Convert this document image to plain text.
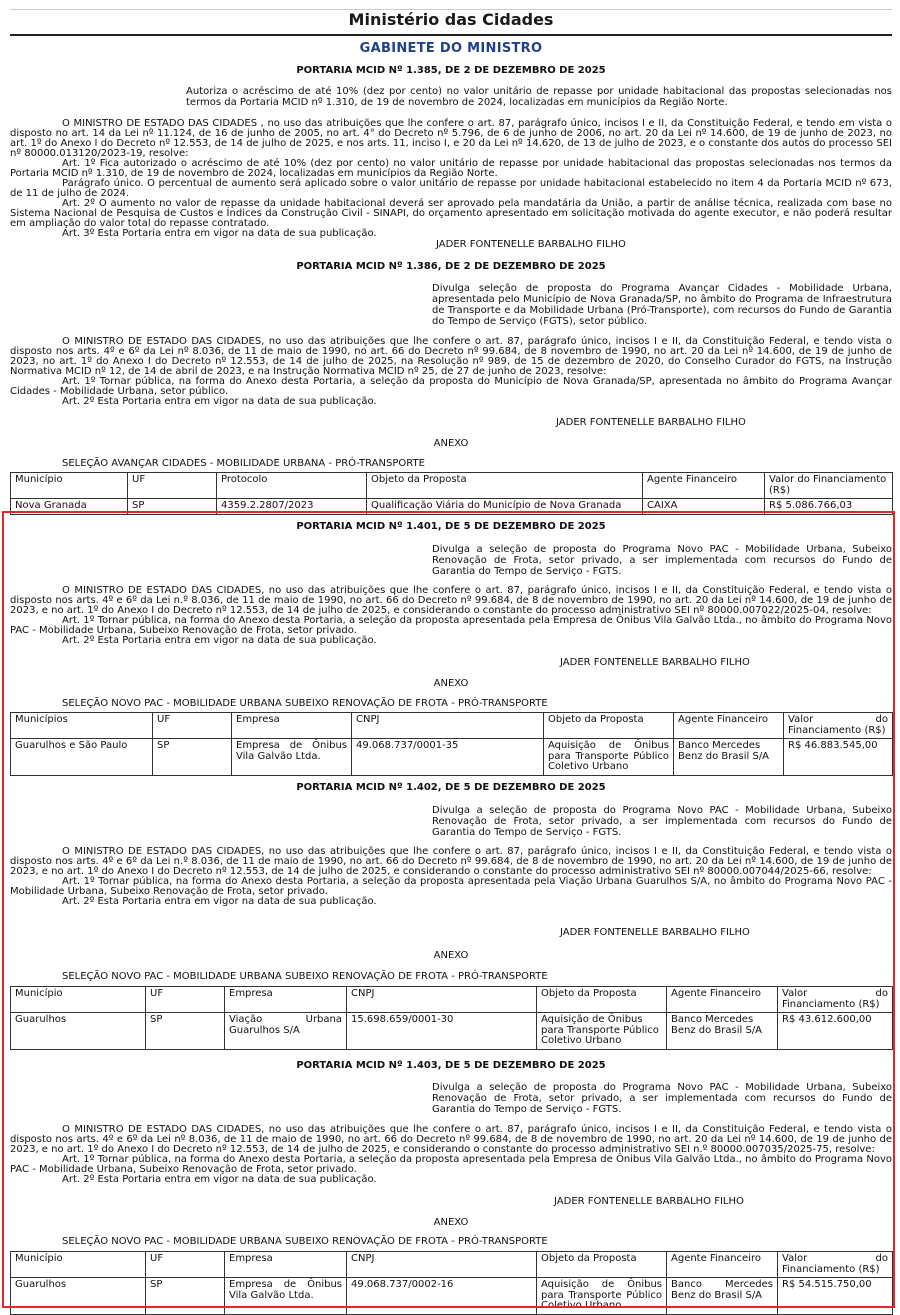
Ministério das Cidades
GABINETE DO MINISTRO
PORTARIA MCID Nº 1.385, DE 2 DE DEZEMBRO DE 2025
Autoriza o acréscimo de até 10% (dez por cento) no valor unitário de repasse por unidade habitacional das propostas selecionadas nos termos da Portaria MCID nº 1.310, de 19 de novembro de 2024, localizadas em municípios da Região Norte.

O MINISTRO DE ESTADO DAS CIDADES , no uso das atribuições que lhe confere o art. 87, parágrafo único, incisos I e II, da Constituição Federal, e tendo em vista o disposto no art. 14 da Lei nº 11.124, de 16 de junho de 2005, no art. 4° do Decreto nº 5.796, de 6 de junho de 2006, no art. 20 da Lei nº 14.600, de 19 de junho de 2023, no art. 1º do Anexo I do Decreto nº 12.553, de 14 de julho de 2025, e nos arts. 11, inciso I, e 20 da Lei nº 14.620, de 13 de julho de 2023, e o constante dos autos do processo SEI nº 80000.013120/2023-19, resolve:

Art. 1º Fica autorizado o acréscimo de até 10% (dez por cento) no valor unitário de repasse por unidade habitacional das propostas selecionadas nos termos da Portaria MCID nº 1.310, de 19 de novembro de 2024, localizadas em municípios da Região Norte.

Parágrafo único. O percentual de aumento será aplicado sobre o valor unitário de repasse por unidade habitacional estabelecido no item 4 da Portaria MCID nº 673, de 11 de julho de 2024.

Art. 2º O aumento no valor de repasse da unidade habitacional deverá ser aprovado pela mandatária da União, a partir de análise técnica, realizada com base no Sistema Nacional de Pesquisa de Custos e Índices da Construção Civil - SINAPI, do orçamento apresentado em solicitação motivada do agente executor, e não poderá resultar em ampliação do valor total do repasse contratado.

Art. 3º Esta Portaria entra em vigor na data de sua publicação.

JADER FONTENELLE BARBALHO FILHO
PORTARIA MCID Nº 1.386, DE 2 DE DEZEMBRO DE 2025
Divulga seleção de proposta do Programa Avançar Cidades - Mobilidade Urbana, apresentada pelo Município de Nova Granada/SP, no âmbito do Programa de Infraestrutura de Transporte e da Mobilidade Urbana (Pró-Transporte), com recursos do Fundo de Garantia do Tempo de Serviço (FGTS), setor público.

O MINISTRO DE ESTADO DAS CIDADES, no uso das atribuições que lhe confere o art. 87, parágrafo único, incisos I e II, da Constituição Federal, e tendo vista o disposto nos arts. 4º e 6º da Lei nº 8.036, de 11 de maio de 1990, no art. 66 do Decreto nº 99.684, de 8 novembro de 1990, no art. 20 da Lei nº 14.600, de 19 de junho de 2023, no art. 1º do Anexo I do Decreto nº 12.553, de 14 de julho de 2025, na Resolução nº 989, de 15 de dezembro de 2020, do Conselho Curador do FGTS, na Instrução Normativa MCID nº 12, de 14 de abril de 2023, e na Instrução Normativa MCID nº 25, de 27 de junho de 2023, resolve:

Art. 1º Tornar pública, na forma do Anexo desta Portaria, a seleção da proposta do Município de Nova Granada/SP, apresentada no âmbito do Programa Avançar Cidades - Mobilidade Urbana, setor público.

Art. 2º Esta Portaria entra em vigor na data de sua publicação.

JADER FONTENELLE BARBALHO FILHO
ANEXO
SELEÇÃO AVANÇAR CIDADES - MOBILIDADE URBANA - PRÓ-TRANSPORTE
Município	UF	Protocolo	Objeto da Proposta	Agente Financeiro	Valor do Financiamento (R$)
Nova Granada	SP	4359.2.2807/2023	Qualificação Viária do Município de Nova Granada	CAIXA	R$ 5.086.766,03
PORTARIA MCID Nº 1.401, DE 5 DE DEZEMBRO DE 2025
Divulga a seleção de proposta do Programa Novo PAC - Mobilidade Urbana, Subeixo Renovação de Frota, setor privado, a ser implementada com recursos do Fundo de Garantia do Tempo de Serviço - FGTS.

O MINISTRO DE ESTADO DAS CIDADES, no uso das atribuições que lhe confere o art. 87, parágrafo único, incisos I e II, da Constituição Federal, e tendo vista o disposto nos arts. 4º e 6º da Lei n.º 8.036, de 11 de maio de 1990, no art. 66 do Decreto nº 99.684, de 8 de novembro de 1990, no art. 20 da Lei nº 14.600, de 19 de junho de 2023, e no art. 1º do Anexo I do Decreto nº 12.553, de 14 de julho de 2025, e considerando o constante do processo administrativo SEI nº 80000.007022/2025-04, resolve:

Art. 1º Tornar pública, na forma do Anexo desta Portaria, a seleção da proposta apresentada pela Empresa de Ônibus Vila Galvão Ltda., no âmbito do Programa Novo PAC - Mobilidade Urbana, Subeixo Renovação de Frota, setor privado.

Art. 2º Esta Portaria entra em vigor na data de sua publicação.

JADER FONTENELLE BARBALHO FILHO
ANEXO
SELEÇÃO NOVO PAC - MOBILIDADE URBANA SUBEIXO RENOVAÇÃO DE FROTA - PRÓ-TRANSPORTE
Municípios	UF	Empresa	CNPJ	Objeto da Proposta	Agente Financeiro	Valor do Financiamento (R$)
Guarulhos e São Paulo	SP	Empresa de Ônibus Vila Galvão Ltda.	49.068.737/0001-35	Aquisição de Ônibus para Transporte Público Coletivo Urbano	Banco Mercedes Benz do Brasil S/A	R$ 46.883.545,00
PORTARIA MCID Nº 1.402, DE 5 DE DEZEMBRO DE 2025
Divulga a seleção de proposta do Programa Novo PAC - Mobilidade Urbana, Subeixo Renovação de Frota, setor privado, a ser implementada com recursos do Fundo de Garantia do Tempo de Serviço - FGTS.

O MINISTRO DE ESTADO DAS CIDADES, no uso das atribuições que lhe confere o art. 87, parágrafo único, incisos I e II, da Constituição Federal, e tendo vista o disposto nos arts. 4º e 6º da Lei n.º 8.036, de 11 de maio de 1990, no art. 66 do Decreto nº 99.684, de 8 de novembro de 1990, no art. 20 da Lei nº 14.600, de 19 de junho de 2023, e no art. 1º do Anexo I do Decreto nº 12.553, de 14 de julho de 2025, e considerando o constante do processo administrativo SEI nº 80000.007044/2025-66, resolve:

Art. 1º Tornar pública, na forma do Anexo desta Portaria, a seleção da proposta apresentada pela Viação Urbana Guarulhos S/A, no âmbito do Programa Novo PAC - Mobilidade Urbana, Subeixo Renovação de Frota, setor privado.

Art. 2º Esta Portaria entra em vigor na data de sua publicação.

JADER FONTENELLE BARBALHO FILHO
ANEXO
SELEÇÃO NOVO PAC - MOBILIDADE URBANA SUBEIXO RENOVAÇÃO DE FROTA - PRÓ-TRANSPORTE
Município	UF	Empresa	CNPJ	Objeto da Proposta	Agente Financeiro	Valor do Financiamento (R$)
Guarulhos	SP	Viação Urbana Guarulhos S/A	15.698.659/0001-30	Aquisição de Ônibus para Transporte Público Coletivo Urbano	Banco Mercedes Benz do Brasil S/A	R$ 43.612.600,00
PORTARIA MCID Nº 1.403, DE 5 DE DEZEMBRO DE 2025
Divulga a seleção de proposta do Programa Novo PAC - Mobilidade Urbana, Subeixo Renovação de Frota, setor privado, a ser implementada com recursos do Fundo de Garantia do Tempo de Serviço - FGTS.

O MINISTRO DE ESTADO DAS CIDADES, no uso das atribuições que lhe confere o art. 87, parágrafo único, incisos I e II, da Constituição Federal, e tendo vista o disposto nos arts. 4º e 6º da Lei nº 8.036, de 11 de maio de 1990, no art. 66 do Decreto nº 99.684, de 8 de novembro de 1990, no art. 20 da Lei nº 14.600, de 19 de junho de 2023, e no art. 1º do Anexo I do Decreto nº 12.553, de 14 de julho de 2025, e considerando o constante do processo administrativo SEI n.º 80000.007035/2025-75, resolve:

Art. 1º Tornar pública, na forma do Anexo desta Portaria, a seleção da proposta apresentada pela Empresa de Ônibus Vila Galvão Ltda., no âmbito do Programa Novo PAC - Mobilidade Urbana, Subeixo Renovação de Frota, setor privado.

Art. 2º Esta Portaria entra em vigor na data de sua publicação.

JADER FONTENELLE BARBALHO FILHO
ANEXO
SELEÇÃO NOVO PAC - MOBILIDADE URBANA SUBEIXO RENOVAÇÃO DE FROTA - PRÓ-TRANSPORTE
Município	UF	Empresa	CNPJ	Objeto da Proposta	Agente Financeiro	Valor do Financiamento (R$)
Guarulhos	SP	Empresa de Ônibus Vila Galvão Ltda.	49.068.737/0002-16	Aquisição de Ônibus para Transporte Público Coletivo Urbano	Banco Mercedes Benz do Brasil S/A	R$ 54.515.750,00
